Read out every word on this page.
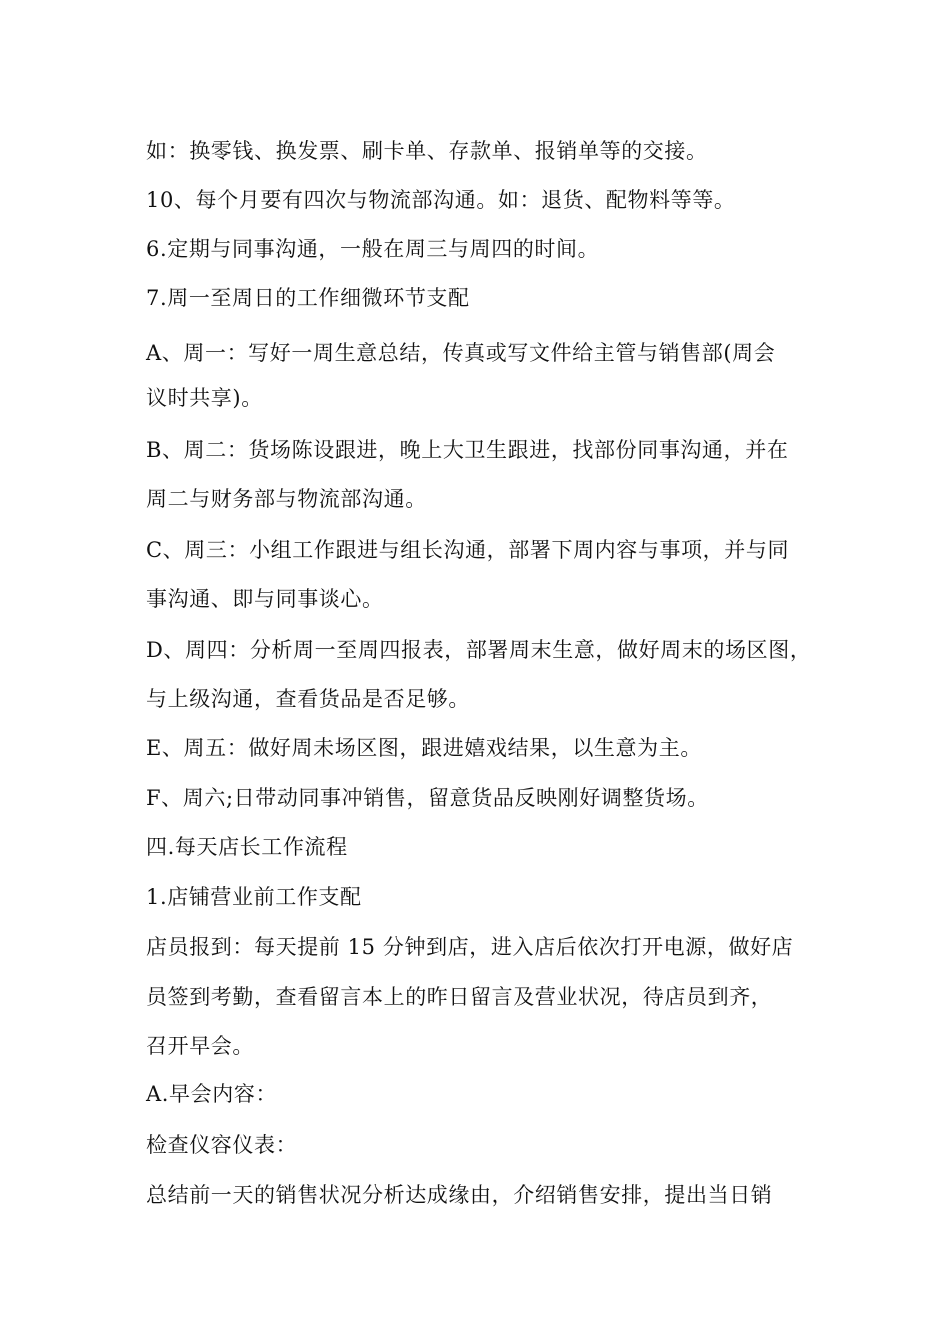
如：换零钱、换发票、刷卡单、存款单、报销单等的交接。
10、每个月要有四次与物流部沟通。如：退货、配物料等等。
6.定期与同事沟通，一般在周三与周四的时间。
7.周一至周日的工作细微环节支配
A、周一：写好一周生意总结，传真或写文件给主管与销售部(周会
议时共享)。
B、周二：货场陈设跟进，晚上大卫生跟进，找部份同事沟通，并在
周二与财务部与物流部沟通。
C、周三：小组工作跟进与组长沟通，部署下周内容与事项，并与同
事沟通、即与同事谈心。
D、周四：分析周一至周四报表，部署周末生意，做好周末的场区图，
与上级沟通，查看货品是否足够。
E、周五：做好周未场区图，跟进嬉戏结果，以生意为主。
F、周六;日带动同事冲销售，留意货品反映刚好调整货场。
四.每天店长工作流程
1.店铺营业前工作支配
店员报到：每天提前 15 分钟到店，进入店后依次打开电源，做好店
员签到考勤，查看留言本上的昨日留言及营业状况，待店员到齐，
召开早会。
A.早会内容：
检查仪容仪表：
总结前一天的销售状况分析达成缘由，介绍销售安排，提出当日销
